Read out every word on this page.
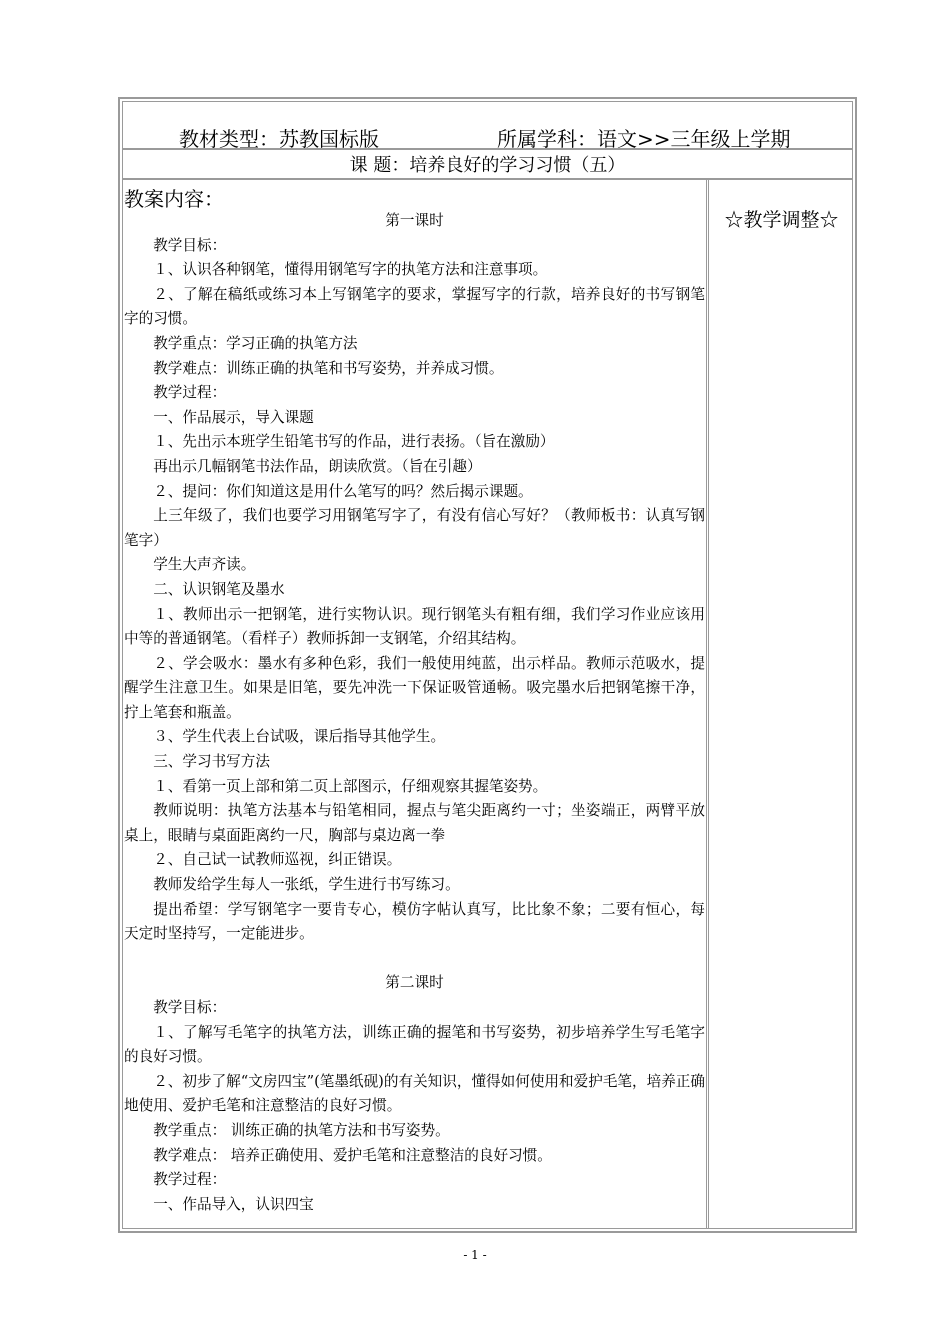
教材类型：苏教国标版	所属学科：语文>>三年级上学期
课 题：培养良好的学习习惯（五）
教案内容：
☆教学调整☆

第一课时

教学目标：

１、认识各种钢笔，懂得用钢笔写字的执笔方法和注意事项。

２、了解在稿纸或练习本上写钢笔字的要求，掌握写字的行款，培养良好的书写钢笔字的习惯。

教学重点：学习正确的执笔方法

教学难点：训练正确的执笔和书写姿势，并养成习惯。

教学过程：

一、作品展示，导入课题

１、先出示本班学生铅笔书写的作品，进行表扬。（旨在激励）

再出示几幅钢笔书法作品，朗读欣赏。（旨在引趣）

２、提问：你们知道这是用什么笔写的吗？然后揭示课题。

上三年级了，我们也要学习用钢笔写字了，有没有信心写好？（教师板书：认真写钢笔字）

学生大声齐读。

二、认识钢笔及墨水

１、教师出示一把钢笔，进行实物认识。现行钢笔头有粗有细，我们学习作业应该用中等的普通钢笔。（看样子）教师拆卸一支钢笔，介绍其结构。

２、学会吸水：墨水有多种色彩，我们一般使用纯蓝，出示样品。教师示范吸水，提醒学生注意卫生。如果是旧笔，要先冲洗一下保证吸管通畅。吸完墨水后把钢笔擦干净，拧上笔套和瓶盖。

３、学生代表上台试吸，课后指导其他学生。

三、学习书写方法

１、看第一页上部和第二页上部图示，仔细观察其握笔姿势。

教师说明：执笔方法基本与铅笔相同，握点与笔尖距离约一寸；坐姿端正，两臂平放桌上，眼睛与桌面距离约一尺，胸部与桌边离一拳

２、自己试一试教师巡视，纠正错误。

教师发给学生每人一张纸，学生进行书写练习。

提出希望：学写钢笔字一要肯专心，模仿字帖认真写，比比象不象；二要有恒心，每天定时坚持写，一定能进步。

第二课时

教学目标：

１、了解写毛笔字的执笔方法，训练正确的握笔和书写姿势，初步培养学生写毛笔字的良好习惯。

２、初步了解“文房四宝”(笔墨纸砚)的有关知识，懂得如何使用和爱护毛笔，培养正确地使用、爱护毛笔和注意整洁的良好习惯。

教学重点： 训练正确的执笔方法和书写姿势。

教学难点： 培养正确使用、爱护毛笔和注意整洁的良好习惯。

教学过程：

一、作品导入，认识四宝

- 1 -
